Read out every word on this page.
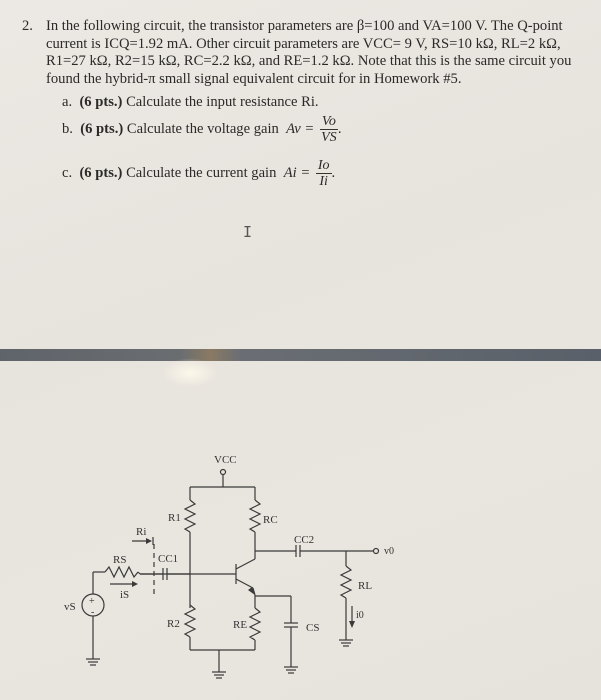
2. In the following circuit, the transistor parameters are β=100 and VA=100 V. The Q-point
current is ICQ=1.92 mA. Other circuit parameters are VCC= 9 V, RS=10 kΩ, RL=2 kΩ,
R1=27 kΩ, R2=15 kΩ, RC=2.2 kΩ, and RE=1.2 kΩ. Note that this is the same circuit you
found the hybrid-π small signal equivalent circuit for in Homework #5.
a. (6 pts.) Calculate the input resistance Ri.
b. (6 pts.) Calculate the voltage gain $Av = \frac{Vo}{VS}$ .
c. (6 pts.) Calculate the current gain $Ai = \frac{Io}{Ii}$ .
I
VCC
R1	RC
Ri
CC1
CC2
RS
iS
vS +
-
R2	RE	CS
RL
i0
v0
